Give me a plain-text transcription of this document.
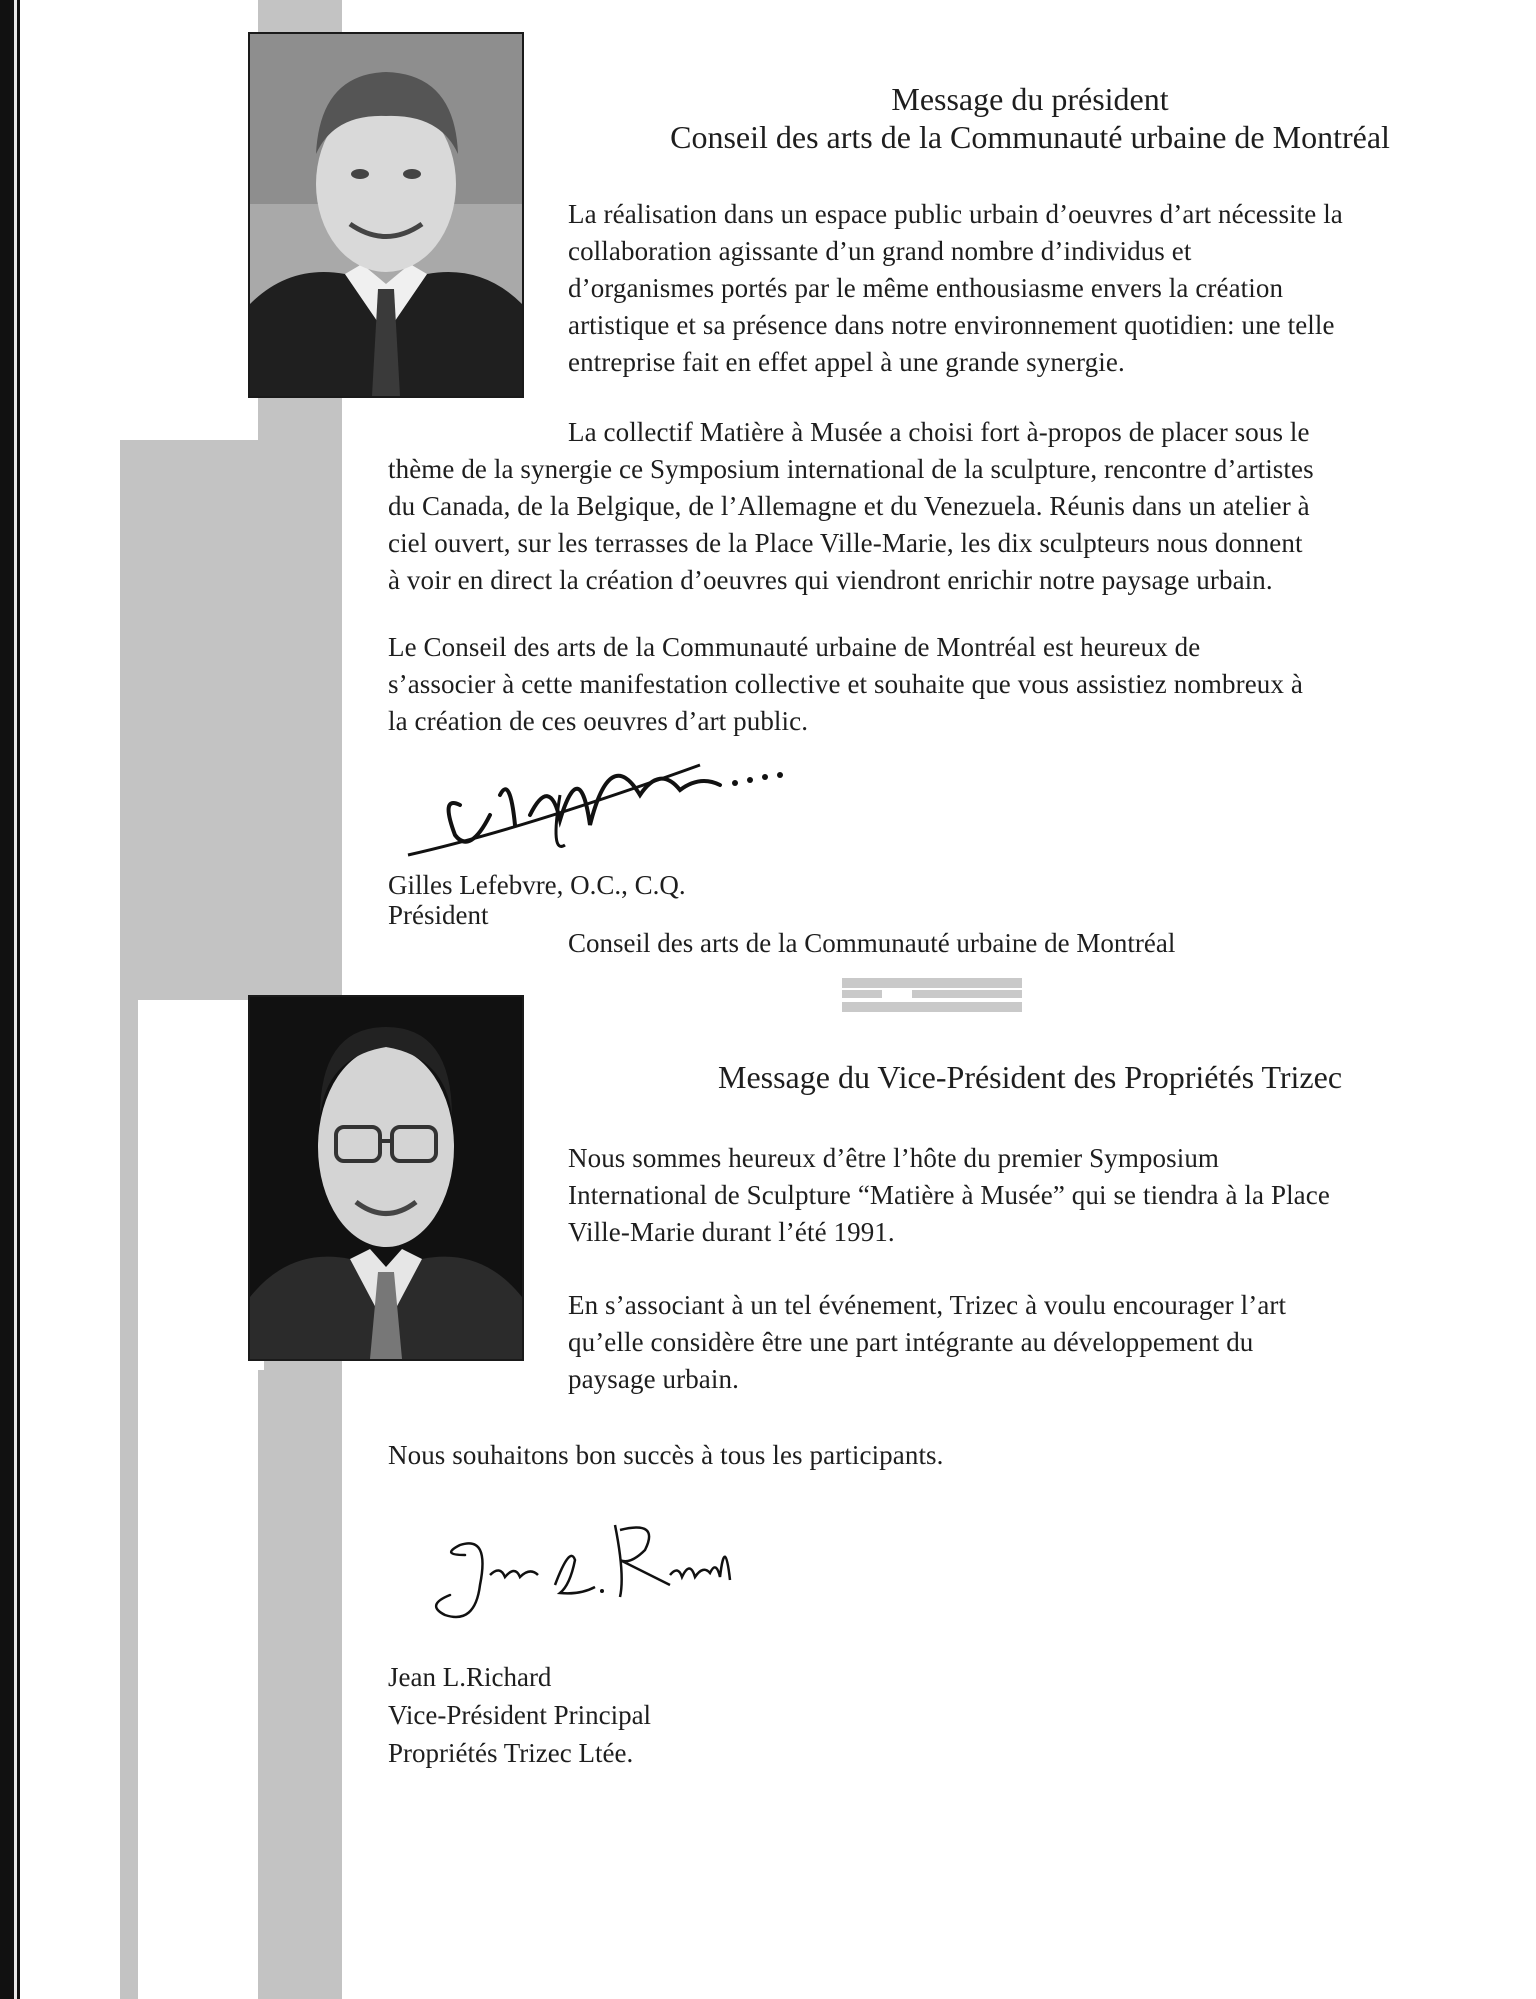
Message du président
Conseil des arts de la Communauté urbaine de Montréal
La réalisation dans un espace public urbain d’oeuvres d’art nécessite la
collaboration agissante d’un grand nombre d’individus et
d’organismes portés par le même enthousiasme envers la création
artistique et sa présence dans notre environnement quotidien: une telle
entreprise fait en effet appel à une grande synergie.
La collectif Matière à Musée a choisi fort à-propos de placer sous le
thème de la synergie ce Symposium international de la sculpture, rencontre d’artistes
du Canada, de la Belgique, de l’Allemagne et du Venezuela. Réunis dans un atelier à
ciel ouvert, sur les terrasses de la Place Ville-Marie, les dix sculpteurs nous donnent
à voir en direct la création d’oeuvres qui viendront enrichir notre paysage urbain.
Le Conseil des arts de la Communauté urbaine de Montréal est heureux de
s’associer à cette manifestation collective et souhaite que vous assistiez nombreux à
la création de ces oeuvres d’art public.
Gilles Lefebvre, O.C., C.Q.
Président
Conseil des arts de la Communauté urbaine de Montréal
Message du Vice-Président des Propriétés Trizec
Nous sommes heureux d’être l’hôte du premier Symposium
International de Sculpture “Matière à Musée” qui se tiendra à la Place
Ville-Marie durant l’été 1991.
En s’associant à un tel événement, Trizec à voulu encourager l’art
qu’elle considère être une part intégrante au développement du
paysage urbain.
Nous souhaitons bon succès à tous les participants.
Jean L.Richard
Vice-Président Principal
Propriétés Trizec Ltée.
